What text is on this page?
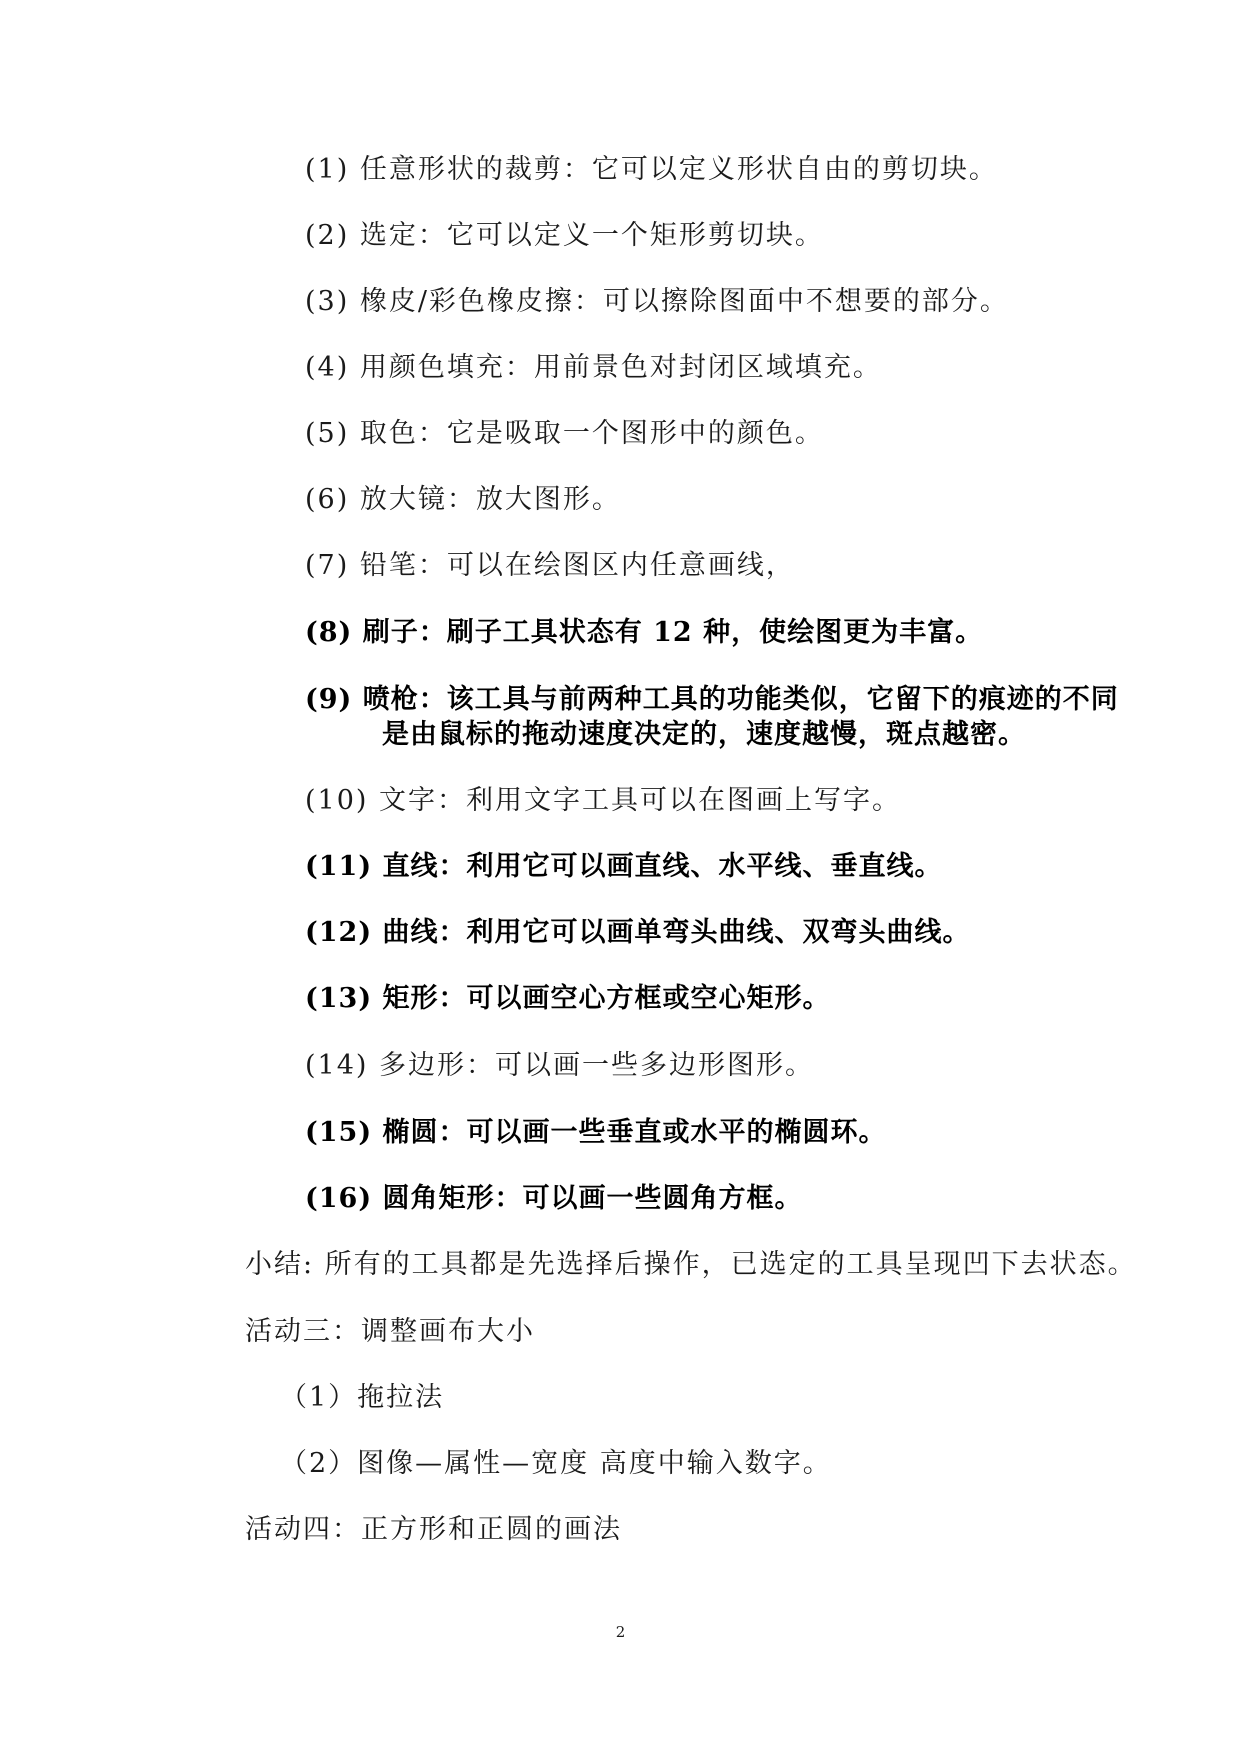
(1) 任意形状的裁剪：它可以定义形状自由的剪切块。
(2) 选定：它可以定义一个矩形剪切块。
(3) 橡皮/彩色橡皮擦：可以擦除图面中不想要的部分。
(4) 用颜色填充：用前景色对封闭区域填充。
(5) 取色：它是吸取一个图形中的颜色。
(6) 放大镜：放大图形。
(7) 铅笔：可以在绘图区内任意画线，
(8) 刷子：刷子工具状态有 12 种，使绘图更为丰富。
(9) 喷枪：该工具与前两种工具的功能类似，它留下的痕迹的不同
是由鼠标的拖动速度决定的，速度越慢，斑点越密。
(10) 文字：利用文字工具可以在图画上写字。
(11) 直线：利用它可以画直线、水平线、垂直线。
(12) 曲线：利用它可以画单弯头曲线、双弯头曲线。
(13) 矩形：可以画空心方框或空心矩形。
(14) 多边形：可以画一些多边形图形。
(15) 椭圆：可以画一些垂直或水平的椭圆环。
(16) 圆角矩形：可以画一些圆角方框。
小结: 所有的工具都是先选择后操作，已选定的工具呈现凹下去状态。
活动三：调整画布大小
（1）拖拉法
（2）图像—属性—宽度 高度中输入数字。
活动四：正方形和正圆的画法
2
